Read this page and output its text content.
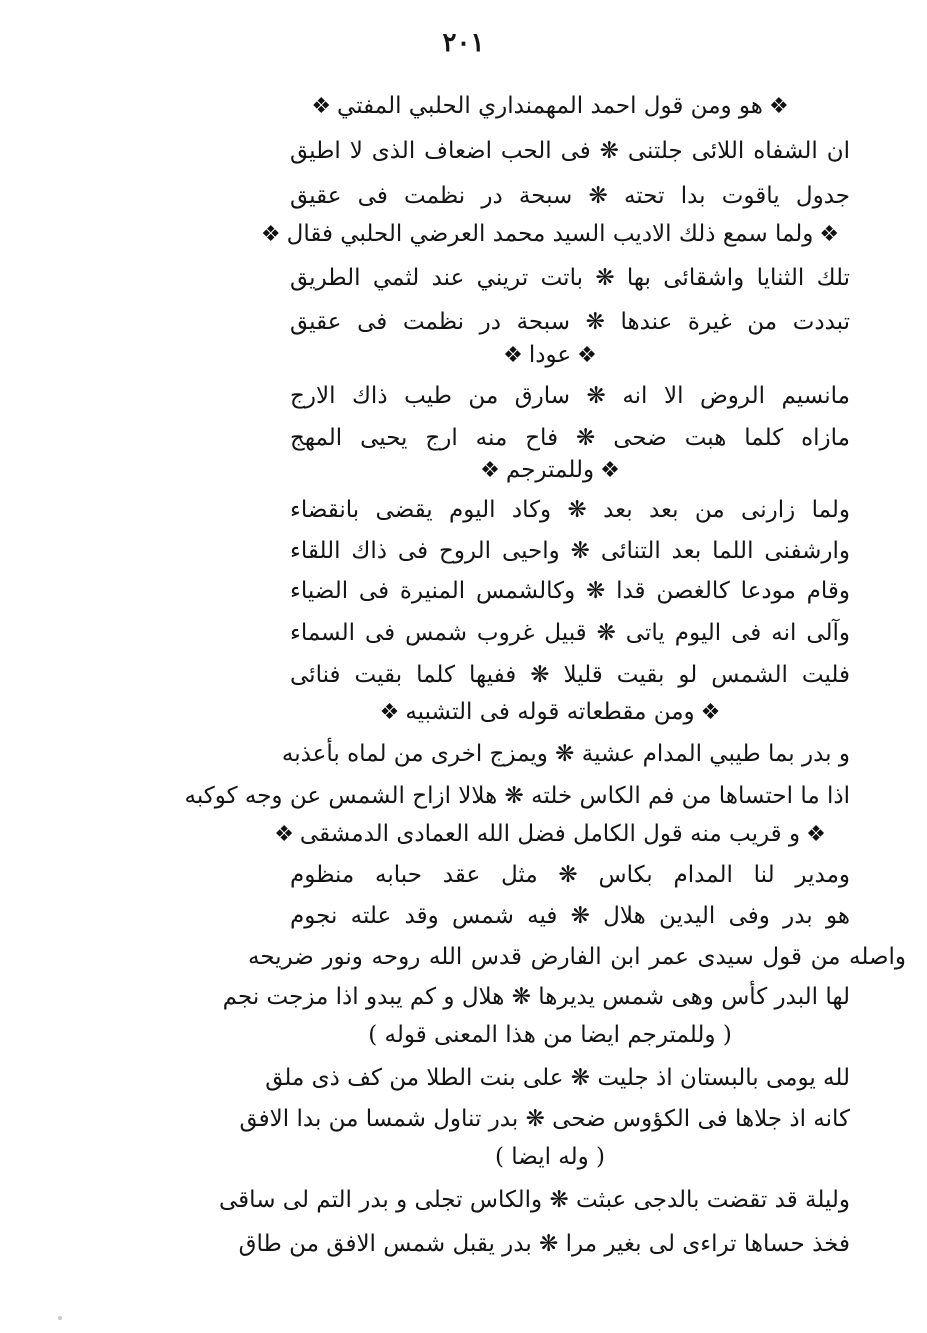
٢٠١
❖هو ومن قول احمد المهمنداري الحلبي المفتي❖
ان الشفاه اللائى جلتنى ❋ فى الحب اضعاف الذى لا اطيق
جدول ياقوت بدا تحته ❋ سبحة در نظمت فى عقيق
❖ولما سمع ذلك الاديب السيد محمد العرضي الحلبي فقال❖
تلك الثنايا واشقائى بها ❋ باتت تريني عند لثمي الطريق
تبددت من غيرة عندها ❋ سبحة در نظمت فى عقيق
❖عودا❖
مانسيم الروض الا انه ❋ سارق من طيب ذاك الارج
مازاه كلما هبت ضحى ❋ فاح منه ارج يحيى المهج
❖وللمترجم❖
ولما زارنى من بعد بعد ❋ وكاد اليوم يقضى بانقضاء
وارشفنى اللما بعد التنائى ❋ واحيى الروح فى ذاك اللقاء
وقام مودعا كالغصن قدا ❋ وكالشمس المنيرة فى الضياء
وآلى انه فى اليوم ياتى ❋ قبيل غروب شمس فى السماء
فليت الشمس لو بقيت قليلا ❋ ففيها كلما بقيت فنائى
❖ومن مقطعاته قوله فى التشبيه❖
و بدر بما طيبي المدام عشية ❋ ويمزج اخرى من لماه بأعذبه
اذا ما احتساها من فم الكاس خلته ❋ هلالا ازاح الشمس عن وجه كوكبه
❖و قريب منه قول الكامل فضل الله العمادى الدمشقى❖
ومدير لنا المدام بكاس ❋ مثل عقد حبابه منظوم
هو بدر وفى اليدين هلال ❋ فيه شمس وقد علته نجوم
واصله من قول سيدى عمر ابن الفارض قدس الله روحه ونور ضريحه
لها البدر كأس وهى شمس يديرها ❋ هلال و كم يبدو اذا مزجت نجم
( وللمترجم ايضا من هذا المعنى قوله )
لله يومى بالبستان اذ جليت ❋ على بنت الطلا من كف ذى ملق
كانه اذ جلاها فى الكؤوس ضحى ❋ بدر تناول شمسا من بدا الافق
( وله ايضا )
وليلة قد تقضت بالدجى عبثت ❋ والكاس تجلى و بدر التم لى ساقى
فخذ حساها تراءى لى بغير مرا ❋ بدر يقبل شمس الافق من طاق
